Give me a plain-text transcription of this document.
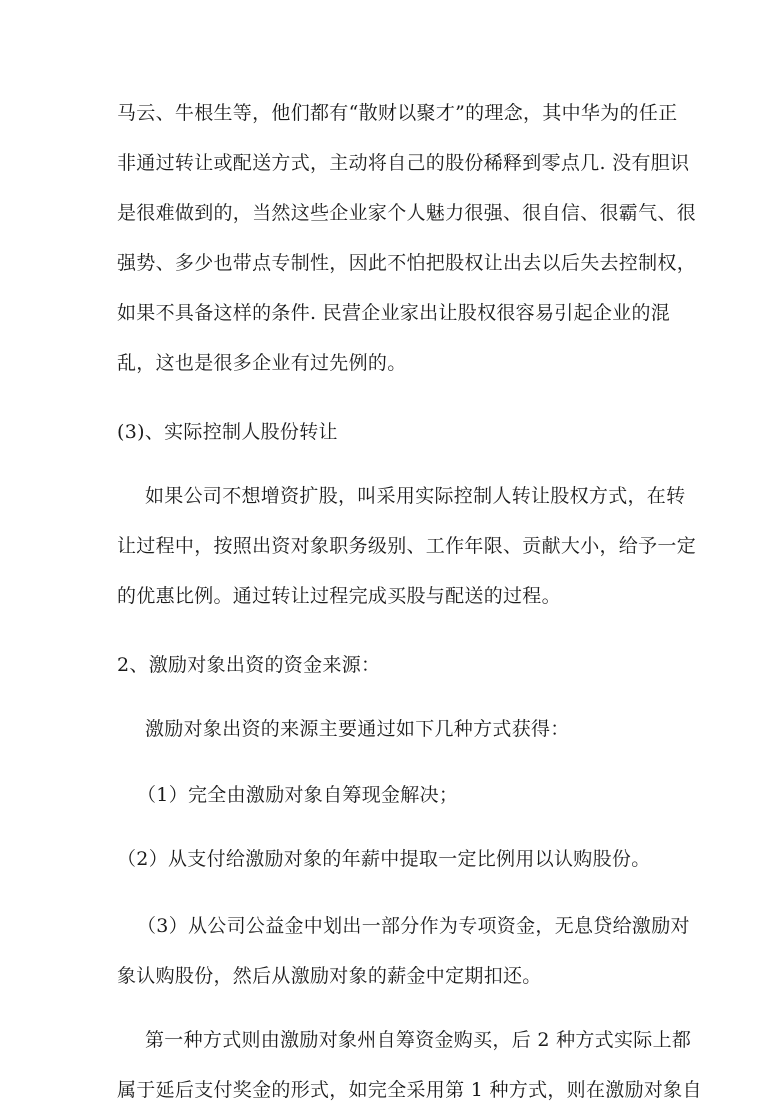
马云、牛根生等，他们都有“散财以聚才”的理念，其中华为的任正
非通过转让或配送方式，主动将自己的股份稀释到零点几. 没有胆识
是很难做到的，当然这些企业家个人魅力很强、很自信、很霸气、很
强势、多少也带点专制性，因此不怕把股权让出去以后失去控制权，
如果不具备这样的条件. 民营企业家出让股权很容易引起企业的混
乱，这也是很多企业有过先例的。
(3)、实际控制人股份转让
如果公司不想增资扩股，叫采用实际控制人转让股权方式，在转
让过程中，按照出资对象职务级别、工作年限、贡献大小，给予一定
的优惠比例。通过转让过程完成买股与配送的过程。
2、激励对象出资的资金来源：
激励对象出资的来源主要通过如下几种方式获得：
（1）完全由激励对象自筹现金解决；
（2）从支付给激励对象的年薪中提取一定比例用以认购股份。
（3）从公司公益金中划出一部分作为专项资金，无息贷给激励对
象认购股份，然后从激励对象的薪金中定期扣还。
第一种方式则由激励对象州自筹资金购买，后 2 种方式实际上都
属于延后支付奖金的形式，如完全采用第 1 种方式，则在激励对象自
